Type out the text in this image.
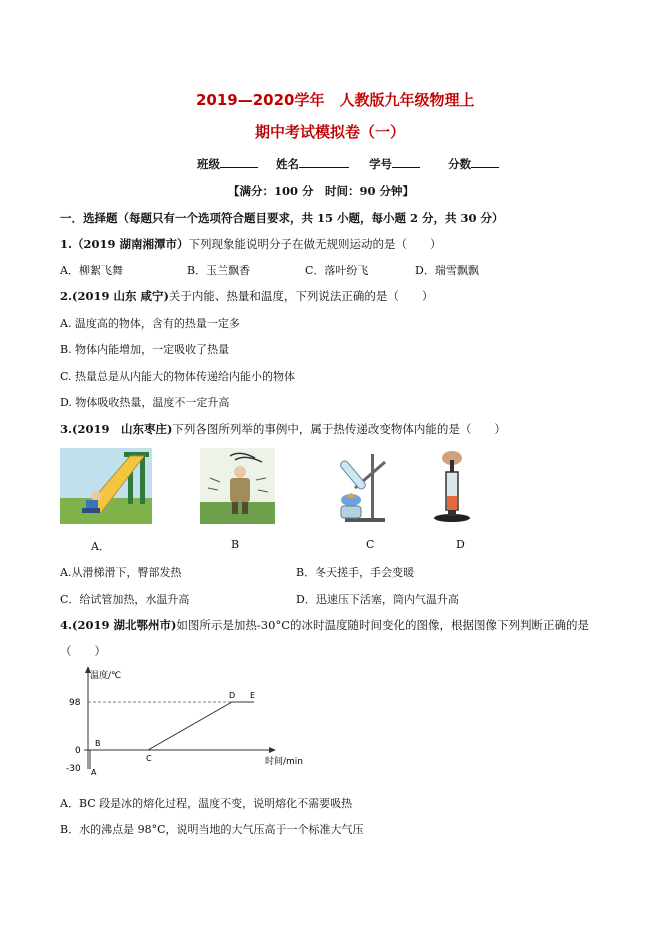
2019—2020学年　人教版九年级物理上
期中考试模拟卷（一）
班级	姓名	学号	分数
【满分：100 分　时间：90 分钟】
一．选择题（每题只有一个选项符合题目要求，共 15 小题，每小题 2 分，共 30 分）
1.（2019 湖南湘潭市）下列现象能说明分子在做无规则运动的是（　　）
A．柳絮飞舞	B．玉兰飘香	C．落叶纷飞	D．瑞雪飘飘
2.(2019 山东 咸宁)关于内能、热量和温度，下列说法正确的是（　　）
A. 温度高的物体，含有的热量一定多
B. 物体内能增加，一定吸收了热量
C. 热量总是从内能大的物体传递给内能小的物体
D. 物体吸收热量，温度不一定升高
3.(2019　山东枣庄)下列各图所列举的事例中，属于热传递改变物体内能的是（　　）
A．	B	C	D
A.从滑梯滑下，臀部发热	B．冬天搓手，手会变暖
C．给试管加热，水温升高	D．迅速压下活塞，筒内气温升高
4.(2019 湖北鄂州市)如图所示是加热-30°C的冰时温度随时间变化的图像，根据图像下列判断正确的是
（　　）
温度/℃
时间/min
98
0
-30 A
B
C
D E
A．BC 段是冰的熔化过程，温度不变，说明熔化不需要吸热
B．水的沸点是 98°C，说明当地的大气压高于一个标准大气压
